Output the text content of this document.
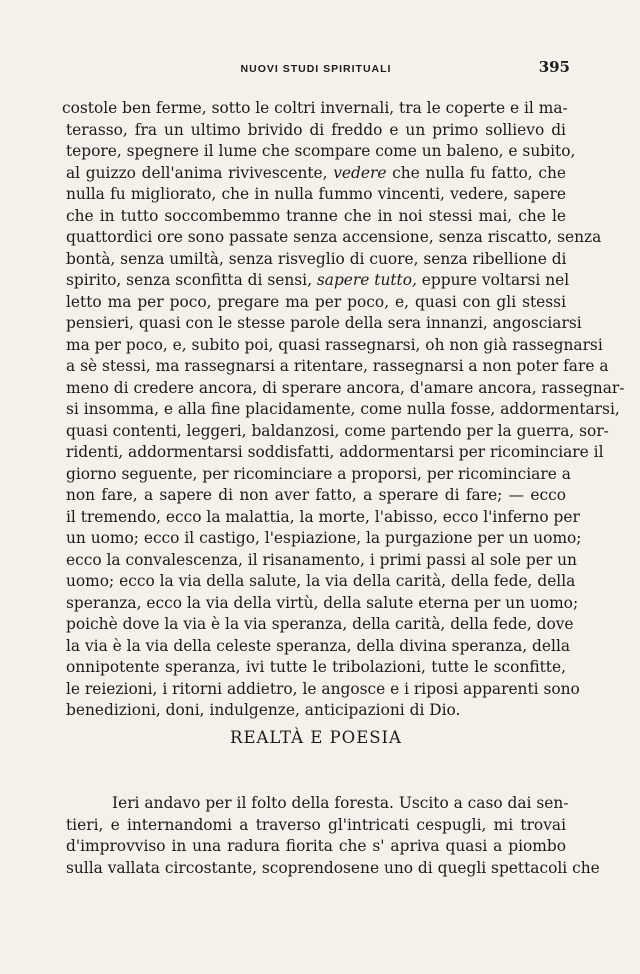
NUOVI STUDI SPIRITUALI	395
costole ben ferme, sotto le coltri invernali, tra le coperte e il ma-
terasso, fra un ultimo brivido di freddo e un primo sollievo di
tepore, spegnere il lume che scompare come un baleno, e subito,
al guizzo dell'anima rivivescente, vedere che nulla fu fatto, che
nulla fu migliorato, che in nulla fummo vincenti, vedere, sapere
che in tutto soccombemmo tranne che in noi stessi mai, che le
quattordici ore sono passate senza accensione, senza riscatto, senza
bontà, senza umiltà, senza risveglio di cuore, senza ribellione di
spirito, senza sconfitta di sensi, sapere tutto, eppure voltarsi nel
letto ma per poco, pregare ma per poco, e, quasi con gli stessi
pensieri, quasi con le stesse parole della sera innanzi, angosciarsi
ma per poco, e, subito poi, quasi rassegnarsi, oh non già rassegnarsi
a sè stessi, ma rassegnarsi a ritentare, rassegnarsi a non poter fare a
meno di credere ancora, di sperare ancora, d'amare ancora, rassegnar-
si insomma, e alla fine placidamente, come nulla fosse, addormentarsi,
quasi contenti, leggeri, baldanzosi, come partendo per la guerra, sor-
ridenti, addormentarsi soddisfatti, addormentarsi per ricominciare il
giorno seguente, per ricominciare a proporsi, per ricominciare a
non fare, a sapere di non aver fatto, a sperare di fare; — ecco
il tremendo, ecco la malattia, la morte, l'abisso, ecco l'inferno per
un uomo; ecco il castigo, l'espiazione, la purgazione per un uomo;
ecco la convalescenza, il risanamento, i primi passi al sole per un
uomo; ecco la via della salute, la via della carità, della fede, della
speranza, ecco la via della virtù, della salute eterna per un uomo;
poichè dove la via è la via speranza, della carità, della fede, dove
la via è la via della celeste speranza, della divina speranza, della
onnipotente speranza, ivi tutte le tribolazioni, tutte le sconfitte,
le reiezioni, i ritorni addietro, le angosce e i riposi apparenti sono
benedizioni, doni, indulgenze, anticipazioni di Dio.
REALTÀ E POESIA
Ieri andavo per il folto della foresta. Uscito a caso dai sen-
tieri, e internandomi a traverso gl'intricati cespugli, mi trovai
d'improvviso in una radura fiorita che s' apriva quasi a piombo
sulla vallata circostante, scoprendosene uno di quegli spettacoli che
